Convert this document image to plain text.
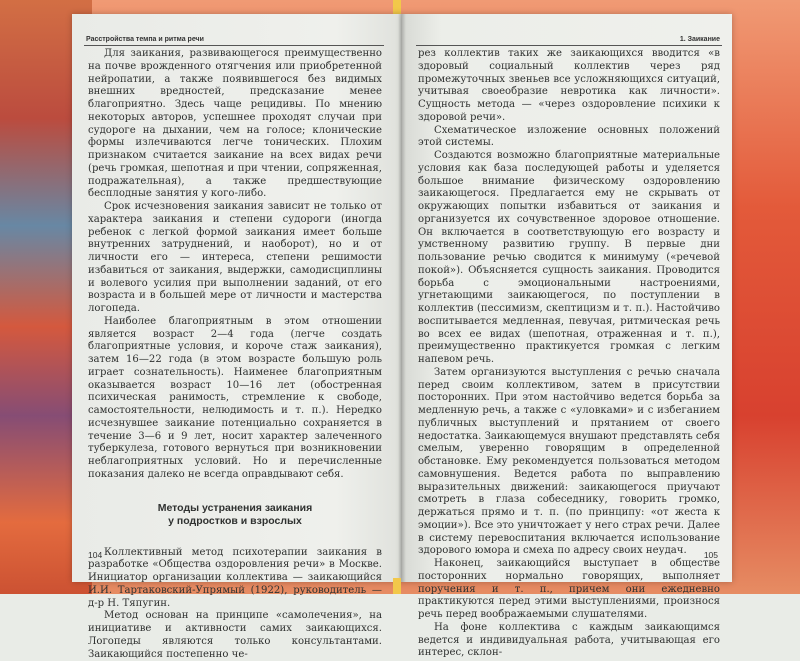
Расстройства темпа и ритма речи

Для заикания, развивающегося преимущественно на почве врожденного отягчения или приобретенной нейропатии, а также появившегося без видимых внешних вредностей, предсказание менее благоприятно. Здесь чаще рецидивы. По мнению некоторых авторов, успешнее проходят случаи при судороге на дыхании, чем на голосе; клонические формы излечиваются легче тонических. Плохим признаком считается заикание на всех видах речи (речь громкая, шепотная и при чтении, сопряженная, подражательная), а также предшествующие бесплодные занятия у кого-либо.

Срок исчезновения заикания зависит не только от характера заикания и степени судороги (иногда ребенок с легкой формой заикания имеет больше внутренних затруднений, и наоборот), но и от личности его — интереса, степени решимости избавиться от заикания, выдержки, самодисциплины и волевого усилия при выполнении заданий, от его возраста и в большей мере от личности и мастерства логопеда.

Наиболее благоприятным в этом отношении является возраст 2—4 года (легче создать благоприятные условия, и короче стаж заикания), затем 16—22 года (в этом возрасте большую роль играет сознательность). Наименее благоприятным оказывается возраст 10—16 лет (обостренная психическая ранимость, стремление к свободе, самостоятельности, нелюдимость и т. п.). Нередко исчезнувшее заикание потенциально сохраняется в течение 3—6 и 9 лет, носит характер залеченного туберкулеза, готового вернуться при возникновении неблагоприятных условий. Но и перечисленные показания далеко не всегда оправдывают себя.

Методы устранения заикания
у подростков и взрослых

Коллективный метод психотерапии заикания в разработке «Общества оздоровления речи» в Москве. Инициатор организации коллектива — заикающийся И.И. Тартаковский-Упрямый (1922), руководитель — д-р Н. Тяпугин.

Метод основан на принципе «самолечения», на инициативе и активности самих заикающихся. Логопеды являются только консультантами. Заикающийся постепенно че-

104
1. Заикание

рез коллектив таких же заикающихся вводится «в здоровый социальный коллектив через ряд промежуточных звеньев все усложняющихся ситуаций, учитывая своеобразие невротика как личности». Сущность метода — «через оздоровление психики к здоровой речи».

Схематическое изложение основных положений этой системы.

Создаются возможно благоприятные материальные условия как база последующей работы и уделяется большое внимание физическому оздоровлению заикающегося. Предлагается ему не скрывать от окружающих попытки избавиться от заикания и организуется их сочувственное здоровое отношение. Он включается в соответствующую его возрасту и умственному развитию группу. В первые дни пользование речью сводится к минимуму («речевой покой»). Объясняется сущность заикания. Проводится борьба с эмоциональными настроениями, угнетающими заикающегося, по поступлении в коллектив (пессимизм, скептицизм и т. п.). Настойчиво воспитывается медленная, певучая, ритмическая речь во всех ее видах (шепотная, отраженная и т. п.), преимущественно практикуется громкая с легким напевом речь.

Затем организуются выступления с речью сначала перед своим коллективом, затем в присутствии посторонних. При этом настойчиво ведется борьба за медленную речь, а также с «уловками» и с избеганием публичных выступлений и прятанием от своего недостатка. Заикающемуся внушают представлять себя смелым, уверенно говорящим в определенной обстановке. Ему рекомендуется пользоваться методом самовнушения. Ведется работа по выправлению выразительных движений: заикающегося приучают смотреть в глаза собеседнику, говорить громко, держаться прямо и т. п. (по принципу: «от жеста к эмоции»). Все это уничтожает у него страх речи. Далее в систему перевоспитания включается использование здорового юмора и смеха по адресу своих неудач.

Наконец, заикающийся выступает в обществе посторонних нормально говорящих, выполняет поручения и т. п., причем они ежедневно практикуются перед этими выступлениями, произнося речь перед воображаемыми слушателями.

На фоне коллектива с каждым заикающимся ведется и индивидуальная работа, учитывающая его интерес, склон-

105
